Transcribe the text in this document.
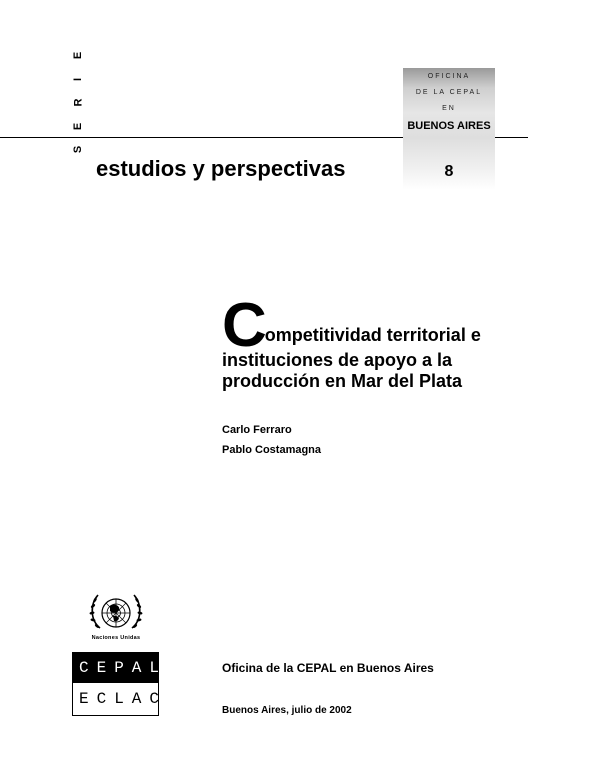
S
E
R
I
E
OFICINA
DE LA CEPAL
EN
BUENOS AIRES
8
estudios y perspectivas
C ompetitividad territorial e
instituciones de apoyo a la
producción en Mar del Plata
Carlo Ferraro
Pablo Costamagna
Naciones Unidas
CEPAL
ECLAC
Oficina de la CEPAL en Buenos Aires
Buenos Aires, julio de 2002
